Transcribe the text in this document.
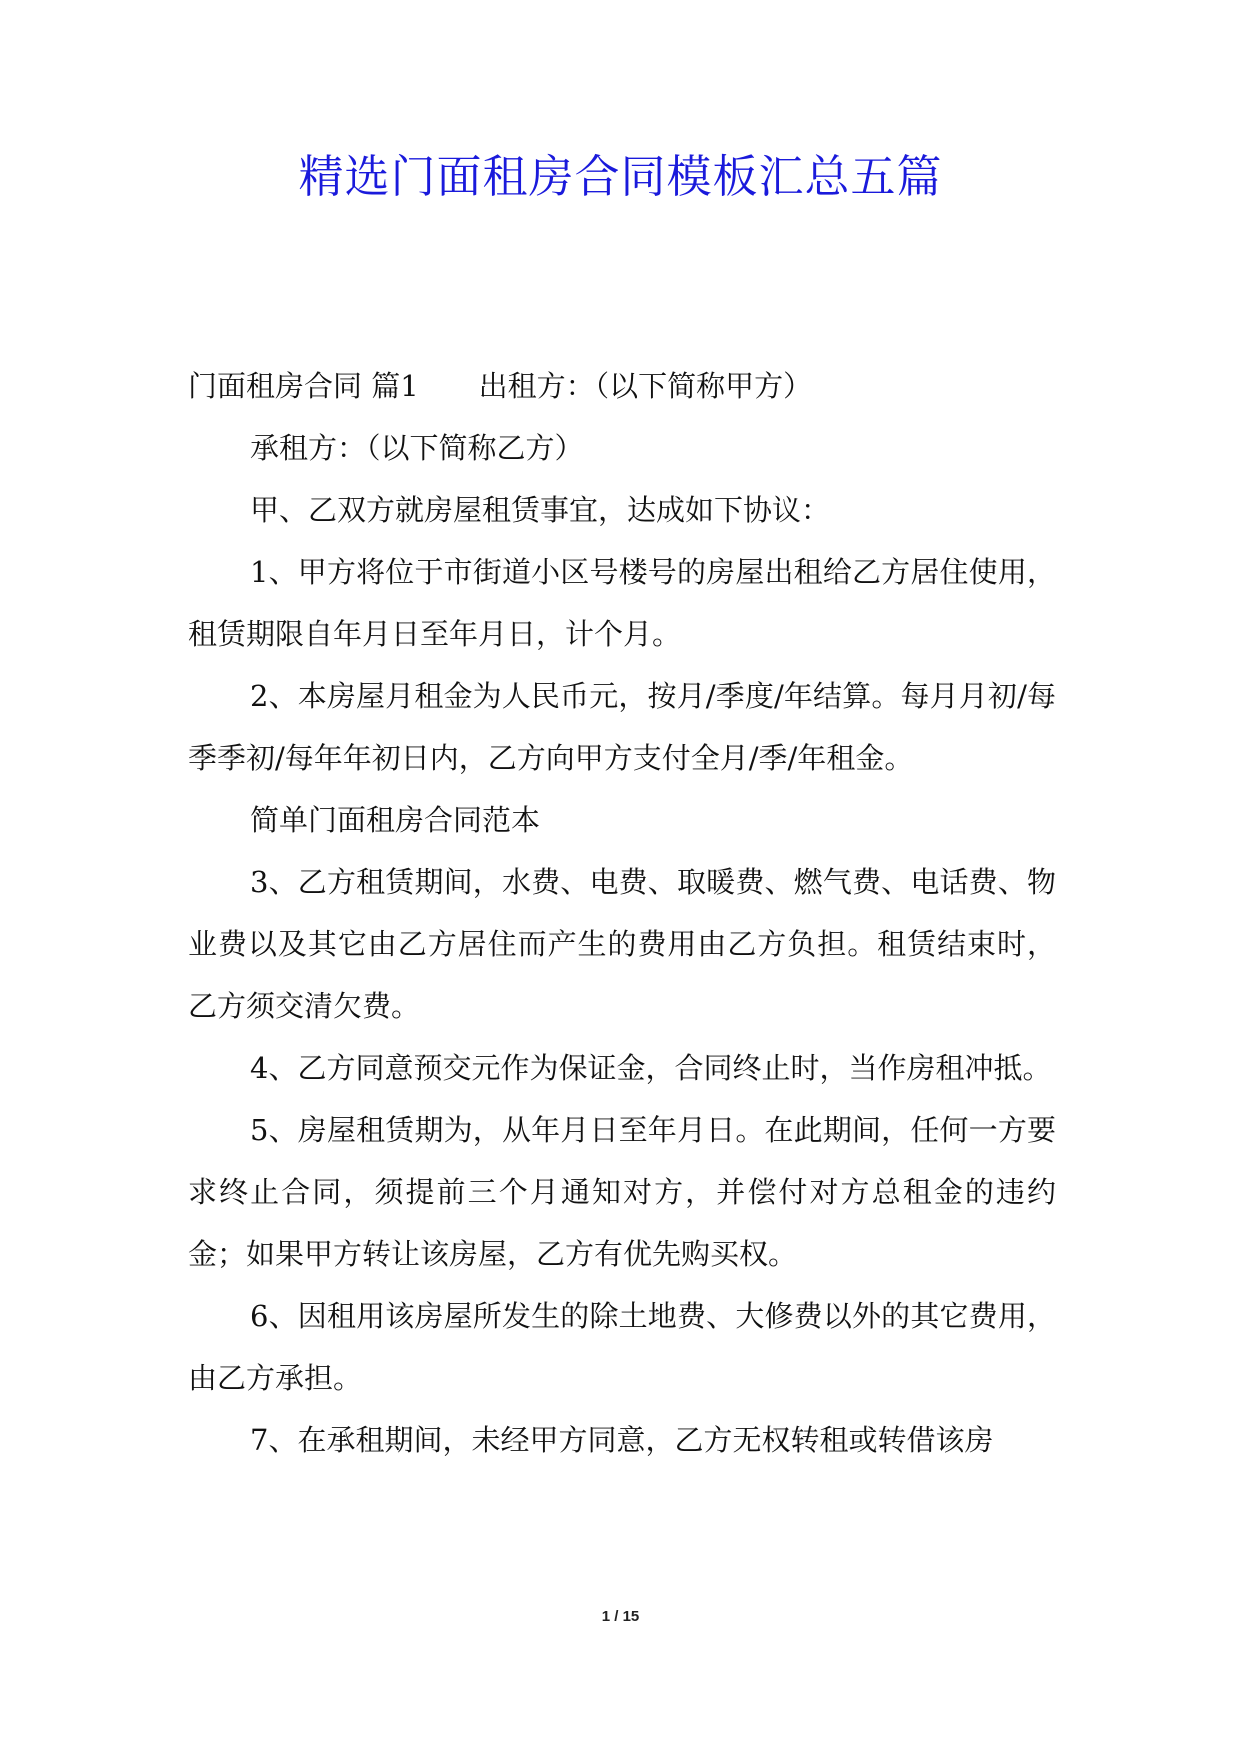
精选门面租房合同模板汇总五篇

门面租房合同 篇1 出租方：（以下简称甲方）

承租方：（以下简称乙方）

甲、乙双方就房屋租赁事宜，达成如下协议：

1、甲方将位于市街道小区号楼号的房屋出租给乙方居住使用，租赁期限自年月日至年月日，计个月。

2、本房屋月租金为人民币元，按月/季度/年结算。每月月初/每季季初/每年年初日内，乙方向甲方支付全月/季/年租金。

简单门面租房合同范本

3、乙方租赁期间，水费、电费、取暖费、燃气费、电话费、物业费以及其它由乙方居住而产生的费用由乙方负担。租赁结束时，乙方须交清欠费。

4、乙方同意预交元作为保证金，合同终止时，当作房租冲抵。

5、房屋租赁期为，从年月日至年月日。在此期间，任何一方要求终止合同，须提前三个月通知对方，并偿付对方总租金的违约金；如果甲方转让该房屋，乙方有优先购买权。

6、因租用该房屋所发生的除土地费、大修费以外的其它费用，由乙方承担。

7、在承租期间，未经甲方同意，乙方无权转租或转借该房

1 / 15
